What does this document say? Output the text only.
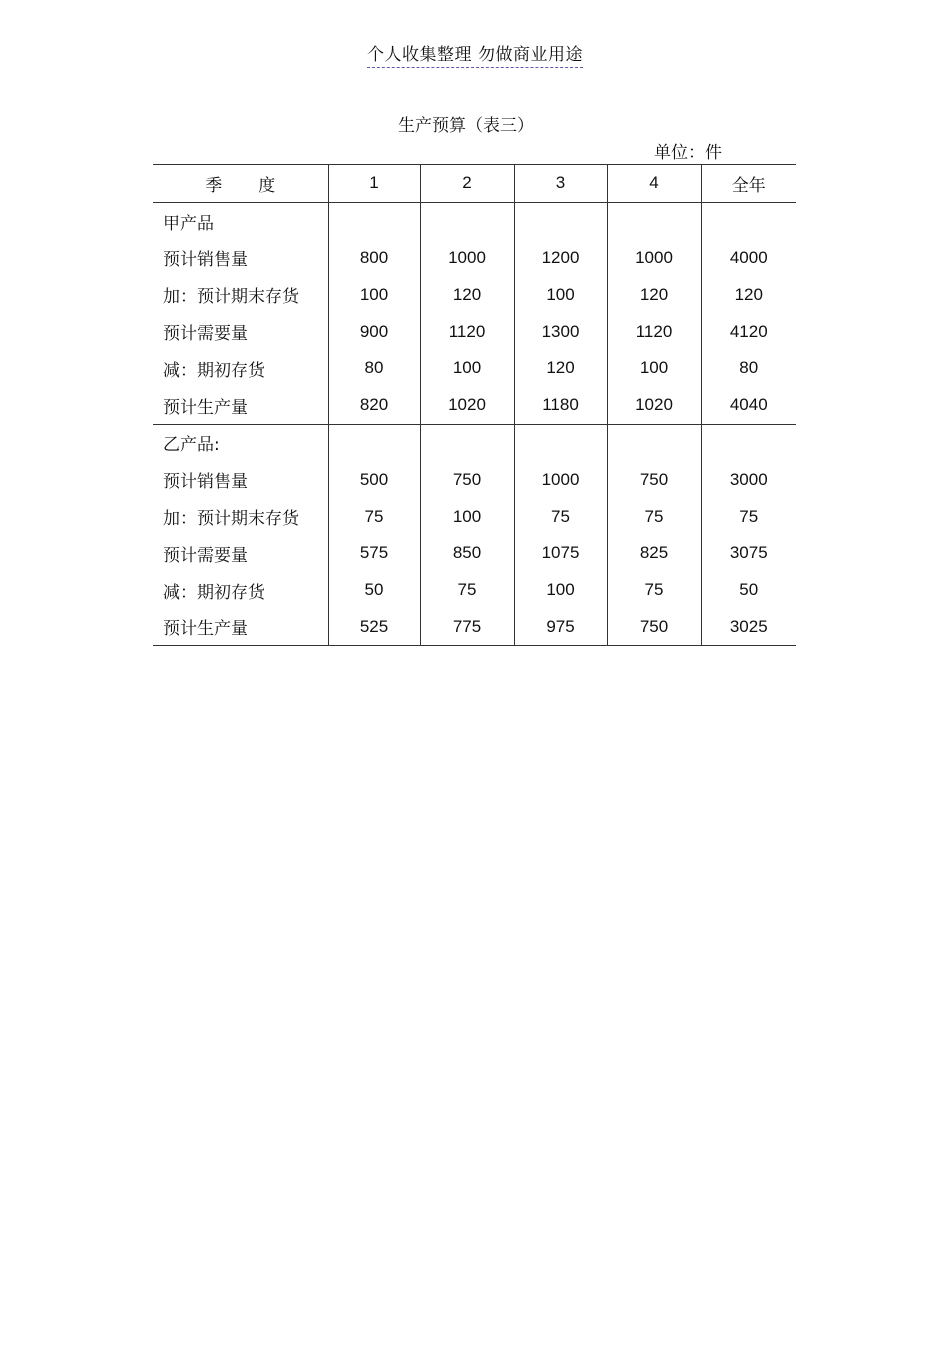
个人收集整理 勿做商业用途
生产预算（表三）
单位：件
季度	1	2	3	4	全年
甲产品					
预计销售量	800	1000	1200	1000	4000
加：预计期末存货	100	120	100	120	120
预计需要量	900	1120	1300	1120	4120
减：期初存货	80	100	120	100	80
预计生产量	820	1020	1180	1020	4040
乙产品:					
预计销售量	500	750	1000	750	3000
加：预计期末存货	75	100	75	75	75
预计需要量	575	850	1075	825	3075
减：期初存货	50	75	100	75	50
预计生产量	525	775	975	750	3025
